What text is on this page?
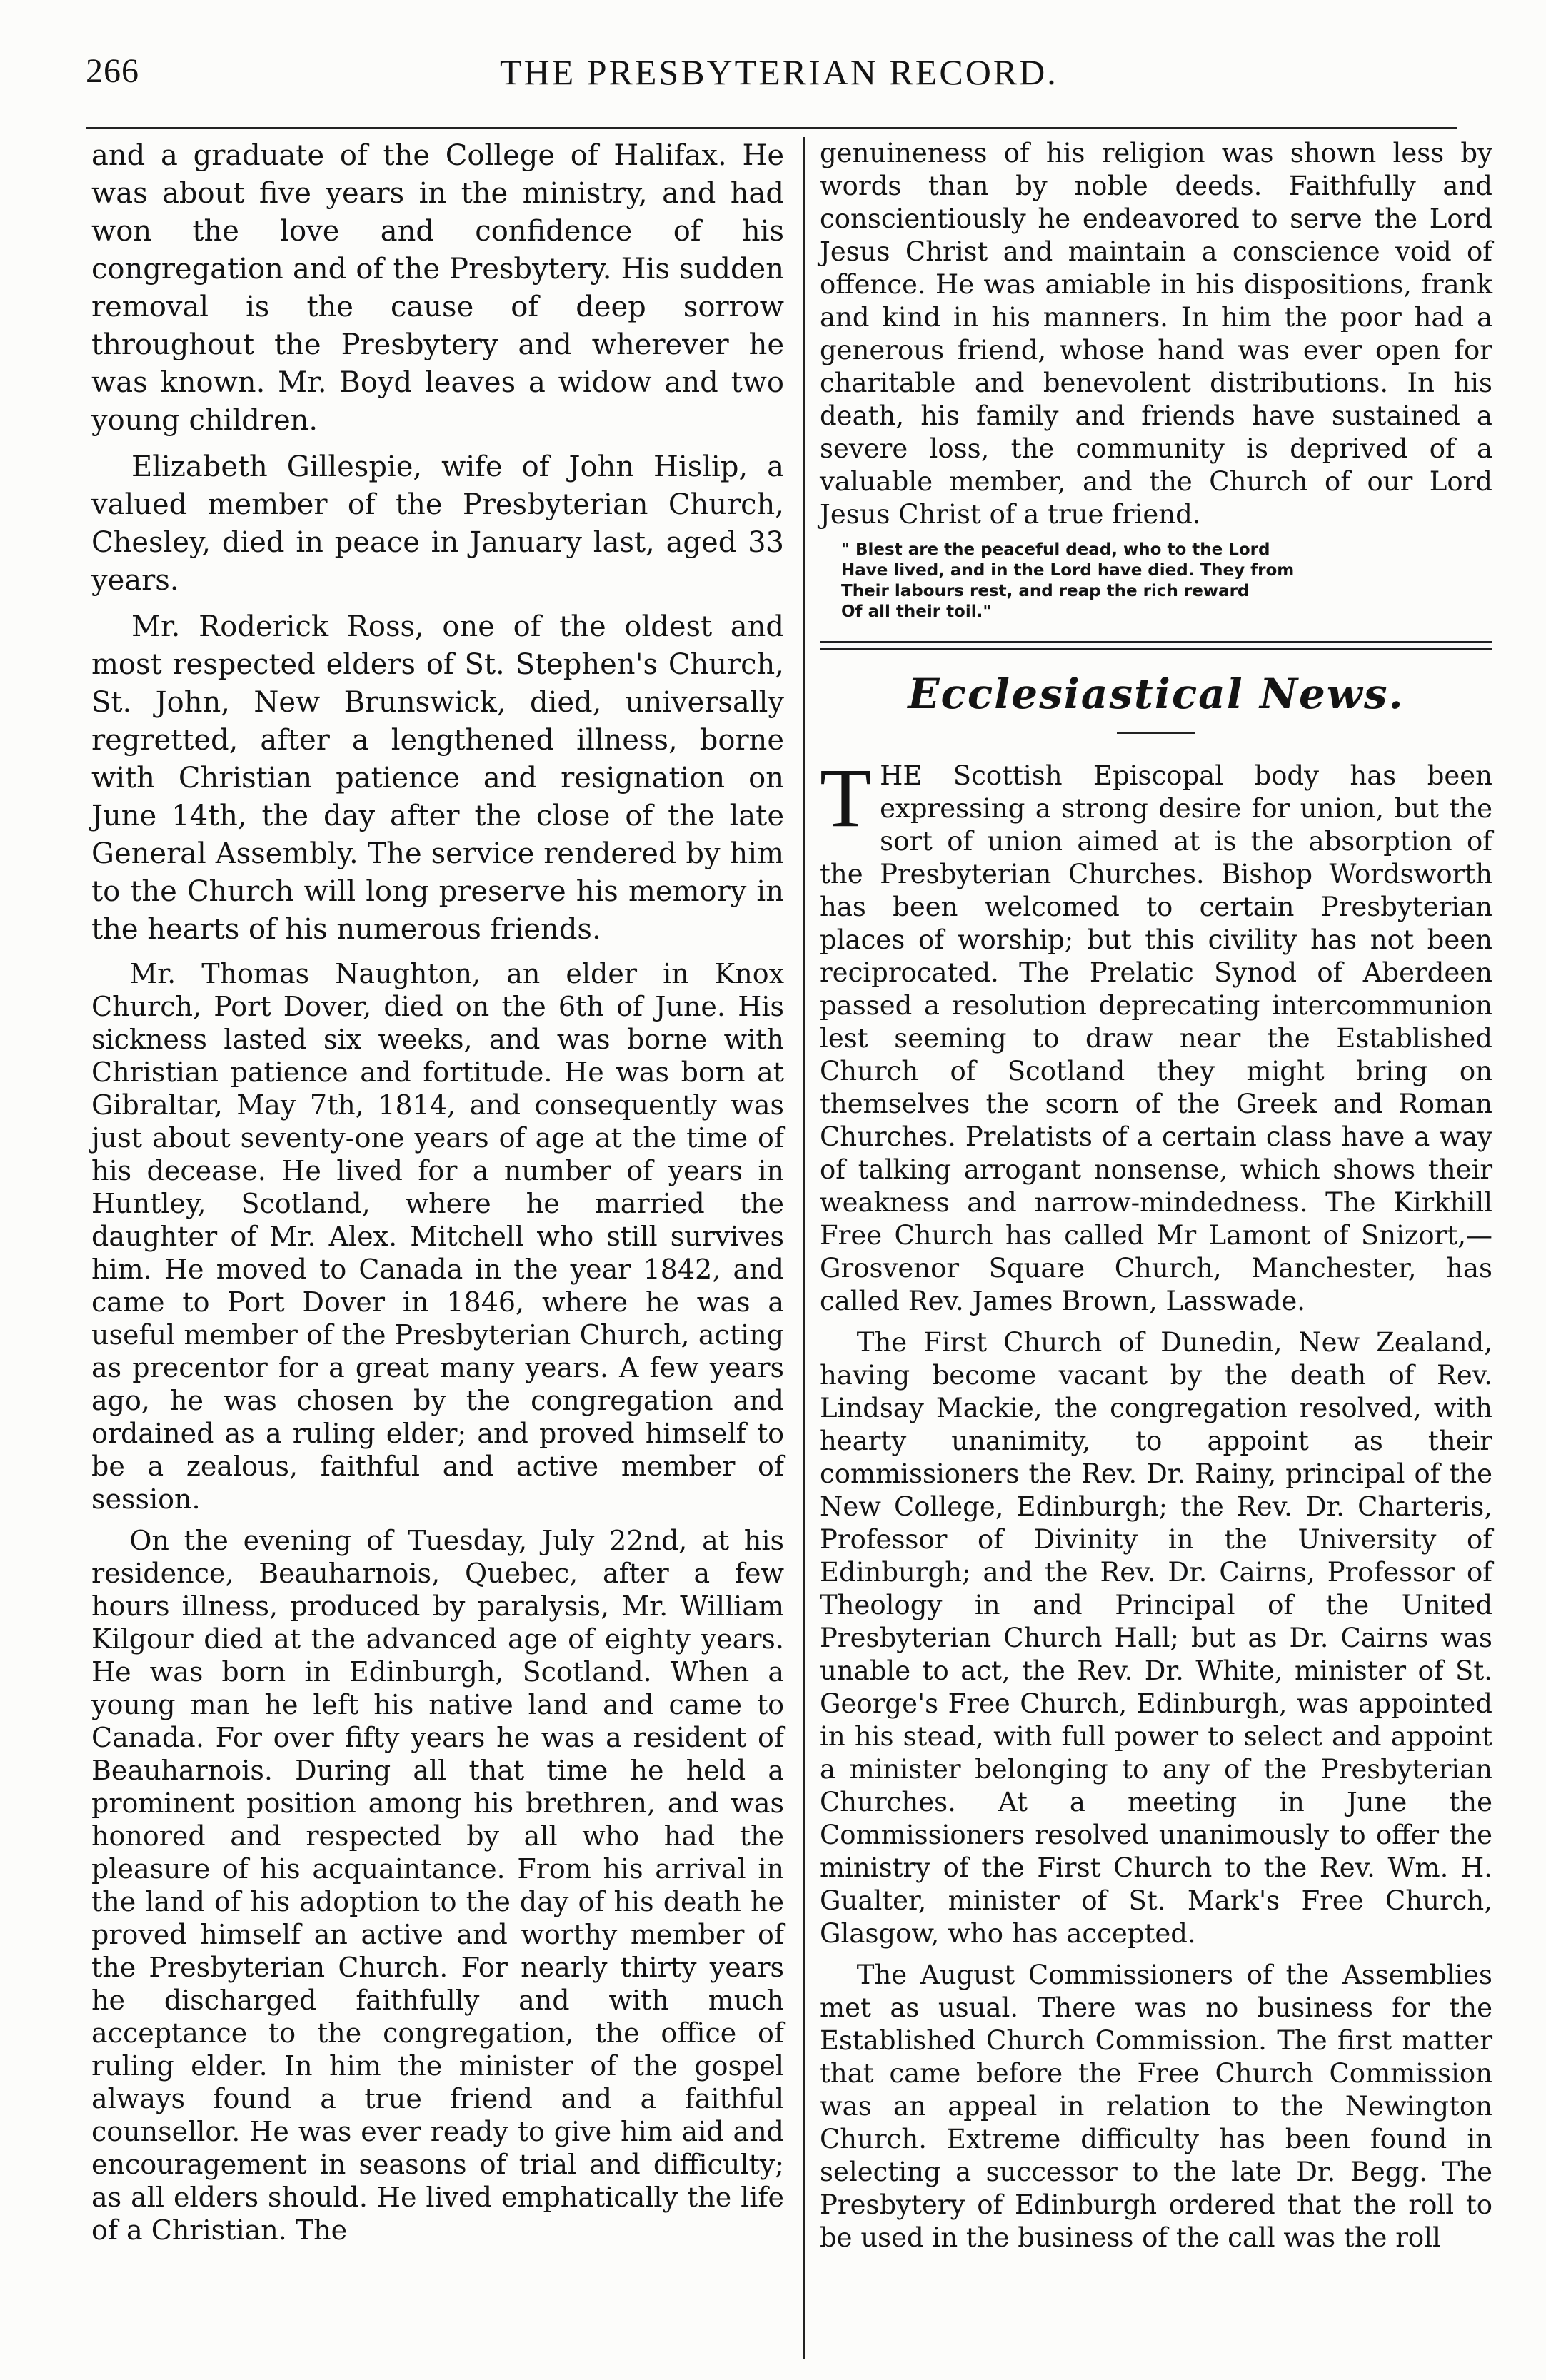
266	THE PRESBYTERIAN RECORD.

and a graduate of the College of Halifax. He was about five years in the ministry, and had won the love and confidence of his congregation and of the Presbytery. His sudden removal is the cause of deep sorrow throughout the Presbytery and wherever he was known. Mr. Boyd leaves a widow and two young children.

Elizabeth Gillespie, wife of John Hislip, a valued member of the Presbyterian Church, Chesley, died in peace in January last, aged 33 years.

Mr. Roderick Ross, one of the oldest and most respected elders of St. Stephen's Church, St. John, New Brunswick, died, universally regretted, after a lengthened illness, borne with Christian patience and resignation on June 14th, the day after the close of the late General Assembly. The service rendered by him to the Church will long preserve his memory in the hearts of his numerous friends.

Mr. Thomas Naughton, an elder in Knox Church, Port Dover, died on the 6th of June. His sickness lasted six weeks, and was borne with Christian patience and fortitude. He was born at Gibraltar, May 7th, 1814, and consequently was just about seventy-one years of age at the time of his decease. He lived for a number of years in Huntley, Scotland, where he married the daughter of Mr. Alex. Mitchell who still survives him. He moved to Canada in the year 1842, and came to Port Dover in 1846, where he was a useful member of the Presbyterian Church, acting as precentor for a great many years. A few years ago, he was chosen by the congregation and ordained as a ruling elder; and proved himself to be a zealous, faithful and active member of session.

On the evening of Tuesday, July 22nd, at his residence, Beauharnois, Quebec, after a few hours illness, produced by paralysis, Mr. William Kilgour died at the advanced age of eighty years. He was born in Edinburgh, Scotland. When a young man he left his native land and came to Canada. For over fifty years he was a resident of Beauharnois. During all that time he held a prominent position among his brethren, and was honored and respected by all who had the pleasure of his acquaintance. From his arrival in the land of his adoption to the day of his death he proved himself an active and worthy member of the Presbyterian Church. For nearly thirty years he discharged faithfully and with much acceptance to the congregation, the office of ruling elder. In him the minister of the gospel always found a true friend and a faithful counsellor. He was ever ready to give him aid and encouragement in seasons of trial and difficulty; as all elders should. He lived emphatically the life of a Christian. The

genuineness of his religion was shown less by words than by noble deeds. Faithfully and conscientiously he endeavored to serve the Lord Jesus Christ and maintain a conscience void of offence. He was amiable in his dispositions, frank and kind in his manners. In him the poor had a generous friend, whose hand was ever open for charitable and benevolent distributions. In his death, his family and friends have sustained a severe loss, the community is deprived of a valuable member, and the Church of our Lord Jesus Christ of a true friend.

" Blest are the peaceful dead, who to the Lord
Have lived, and in the Lord have died. They from
Their labours rest, and reap the rich reward
Of all their toil."
Ecclesiastical News.

THE Scottish Episcopal body has been expressing a strong desire for union, but the sort of union aimed at is the absorption of the Presbyterian Churches. Bishop Wordsworth has been welcomed to certain Presbyterian places of worship; but this civility has not been reciprocated. The Prelatic Synod of Aberdeen passed a resolution deprecating intercommunion lest seeming to draw near the Established Church of Scotland they might bring on themselves the scorn of the Greek and Roman Churches. Prelatists of a certain class have a way of talking arrogant nonsense, which shows their weakness and narrow-mindedness. The Kirkhill Free Church has called Mr Lamont of Snizort,—Grosvenor Square Church, Manchester, has called Rev. James Brown, Lasswade.

The First Church of Dunedin, New Zealand, having become vacant by the death of Rev. Lindsay Mackie, the congregation resolved, with hearty unanimity, to appoint as their commissioners the Rev. Dr. Rainy, principal of the New College, Edinburgh; the Rev. Dr. Charteris, Professor of Divinity in the University of Edinburgh; and the Rev. Dr. Cairns, Professor of Theology in and Principal of the United Presbyterian Church Hall; but as Dr. Cairns was unable to act, the Rev. Dr. White, minister of St. George's Free Church, Edinburgh, was appointed in his stead, with full power to select and appoint a minister belonging to any of the Presbyterian Churches. At a meeting in June the Commissioners resolved unanimously to offer the ministry of the First Church to the Rev. Wm. H. Gualter, minister of St. Mark's Free Church, Glasgow, who has accepted.

The August Commissioners of the Assemblies met as usual. There was no business for the Established Church Commission. The first matter that came before the Free Church Commission was an appeal in relation to the Newington Church. Extreme difficulty has been found in selecting a successor to the late Dr. Begg. The Presbytery of Edinburgh ordered that the roll to be used in the business of the call was the roll
